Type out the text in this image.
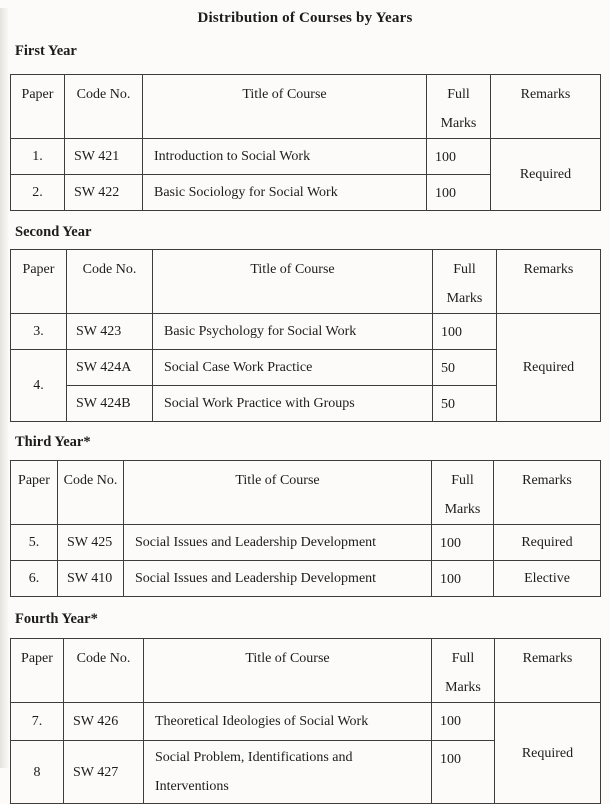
Distribution of Courses by Years
First Year
Paper	Code No.	Title of Course	Full Marks	Remarks
1.	SW 421	Introduction to Social Work	100	Required
2.	SW 422	Basic Sociology for Social Work	100	
Second Year
Paper	Code No.	Title of Course	Full Marks	Remarks
3.	SW 423	Basic Psychology for Social Work	100	Required
4.	SW 424A	Social Case Work Practice	50	
	SW 424B	Social Work Practice with Groups	50	
Third Year*
Paper	Code No.	Title of Course	Full Marks	Remarks
5.	SW 425	Social Issues and Leadership Development	100	Required
6.	SW 410	Social Issues and Leadership Development	100	Elective
Fourth Year*
Paper	Code No.	Title of Course	Full Marks	Remarks
7.	SW 426	Theoretical Ideologies of Social Work	100	Required
8	SW 427	Social Problem, Identifications and Interventions	100	
